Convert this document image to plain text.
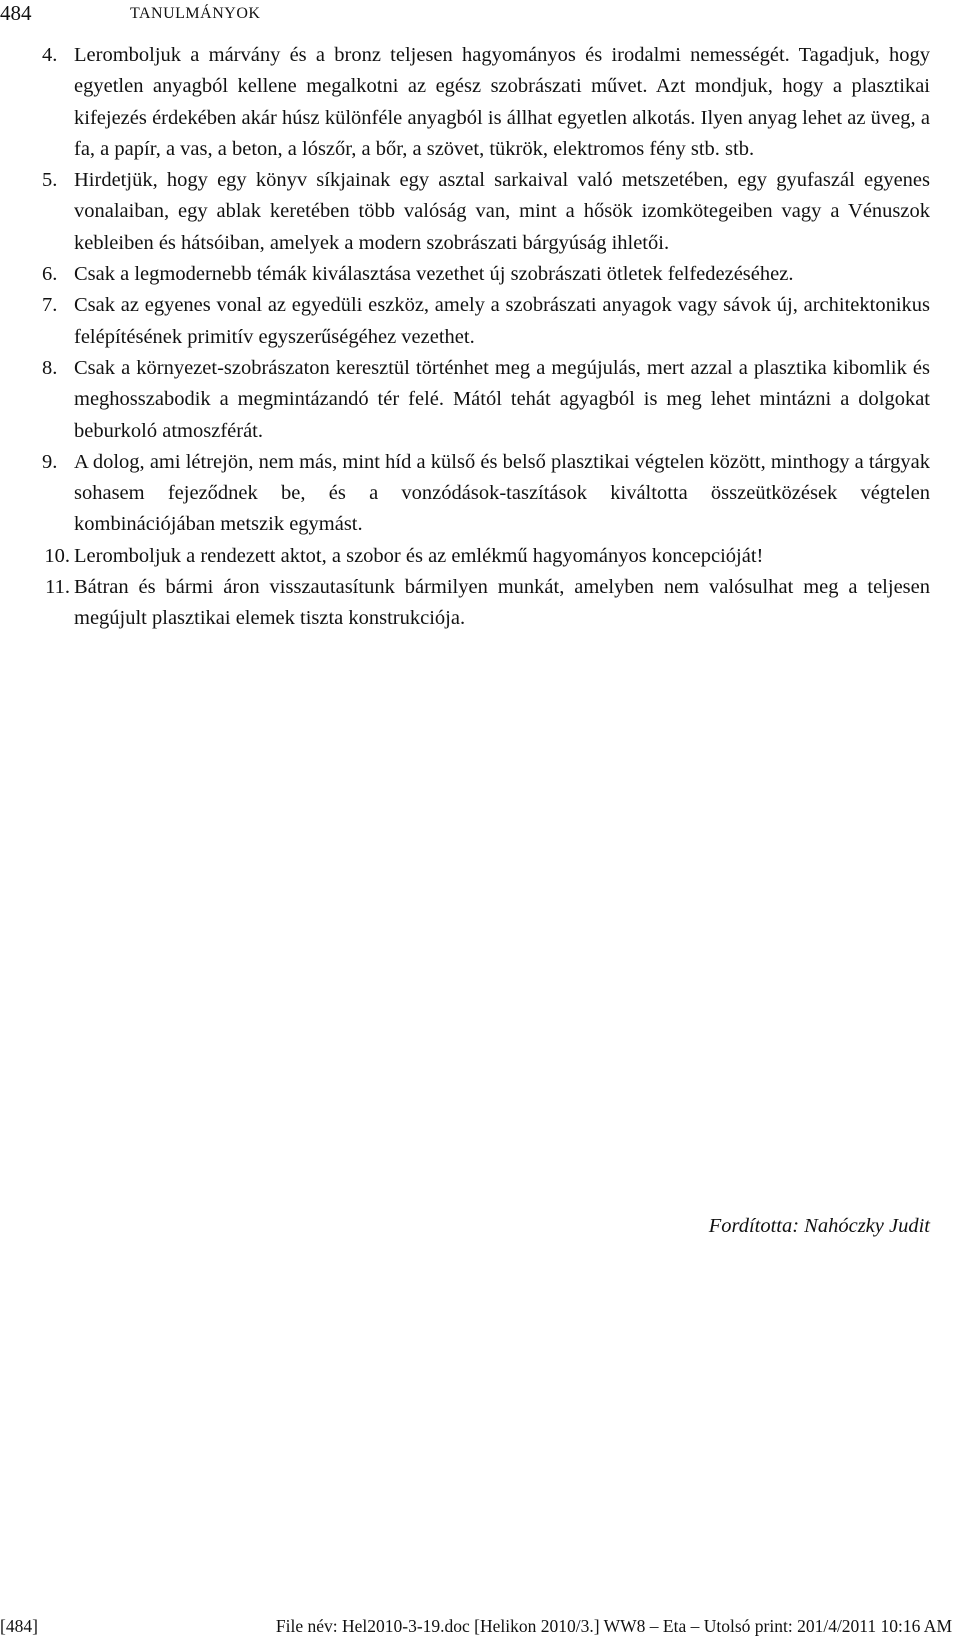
484	TANULMÁNYOK
4. Leromboljuk a márvány és a bronz teljesen hagyományos és irodalmi nemességét. Tagadjuk, hogy egyetlen anyagból kellene megalkotni az egész szobrászati művet. Azt mondjuk, hogy a plasztikai kifejezés érdekében akár húsz különféle anyagból is állhat egyetlen alkotás. Ilyen anyag lehet az üveg, a fa, a papír, a vas, a beton, a lószőr, a bőr, a szövet, tükrök, elektromos fény stb. stb.
5. Hirdetjük, hogy egy könyv síkjainak egy asztal sarkaival való metszetében, egy gyufaszál egyenes vonalaiban, egy ablak keretében több valóság van, mint a hősök izomkötegeiben vagy a Vénuszok kebleiben és hátsóiban, amelyek a modern szobrászati bárgyúság ihletői.
6. Csak a legmodernebb témák kiválasztása vezethet új szobrászati ötletek felfedezéséhez.
7. Csak az egyenes vonal az egyedüli eszköz, amely a szobrászati anyagok vagy sávok új, architektonikus felépítésének primitív egyszerűségéhez vezethet.
8. Csak a környezet-szobrászaton keresztül történhet meg a megújulás, mert azzal a plasztika kibomlik és meghosszabodik a megmintázandó tér felé. Mától tehát agyagból is meg lehet mintázni a dolgokat beburkoló atmoszférát.
9. A dolog, ami létrejön, nem más, mint híd a külső és belső plasztikai végtelen között, minthogy a tárgyak sohasem fejeződnek be, és a vonzódások-taszítások kiváltotta összeütközések végtelen kombinációjában metszik egymást.
10. Leromboljuk a rendezett aktot, a szobor és az emlékmű hagyományos koncepcióját!
11. Bátran és bármi áron visszautasítunk bármilyen munkát, amelyben nem valósulhat meg a teljesen megújult plasztikai elemek tiszta konstrukciója.
Fordította: Nahóczky Judit
[484]	File név: Hel2010-3-19.doc [Helikon 2010/3.] WW8 – Eta – Utolsó print: 201/4/2011 10:16 AM
